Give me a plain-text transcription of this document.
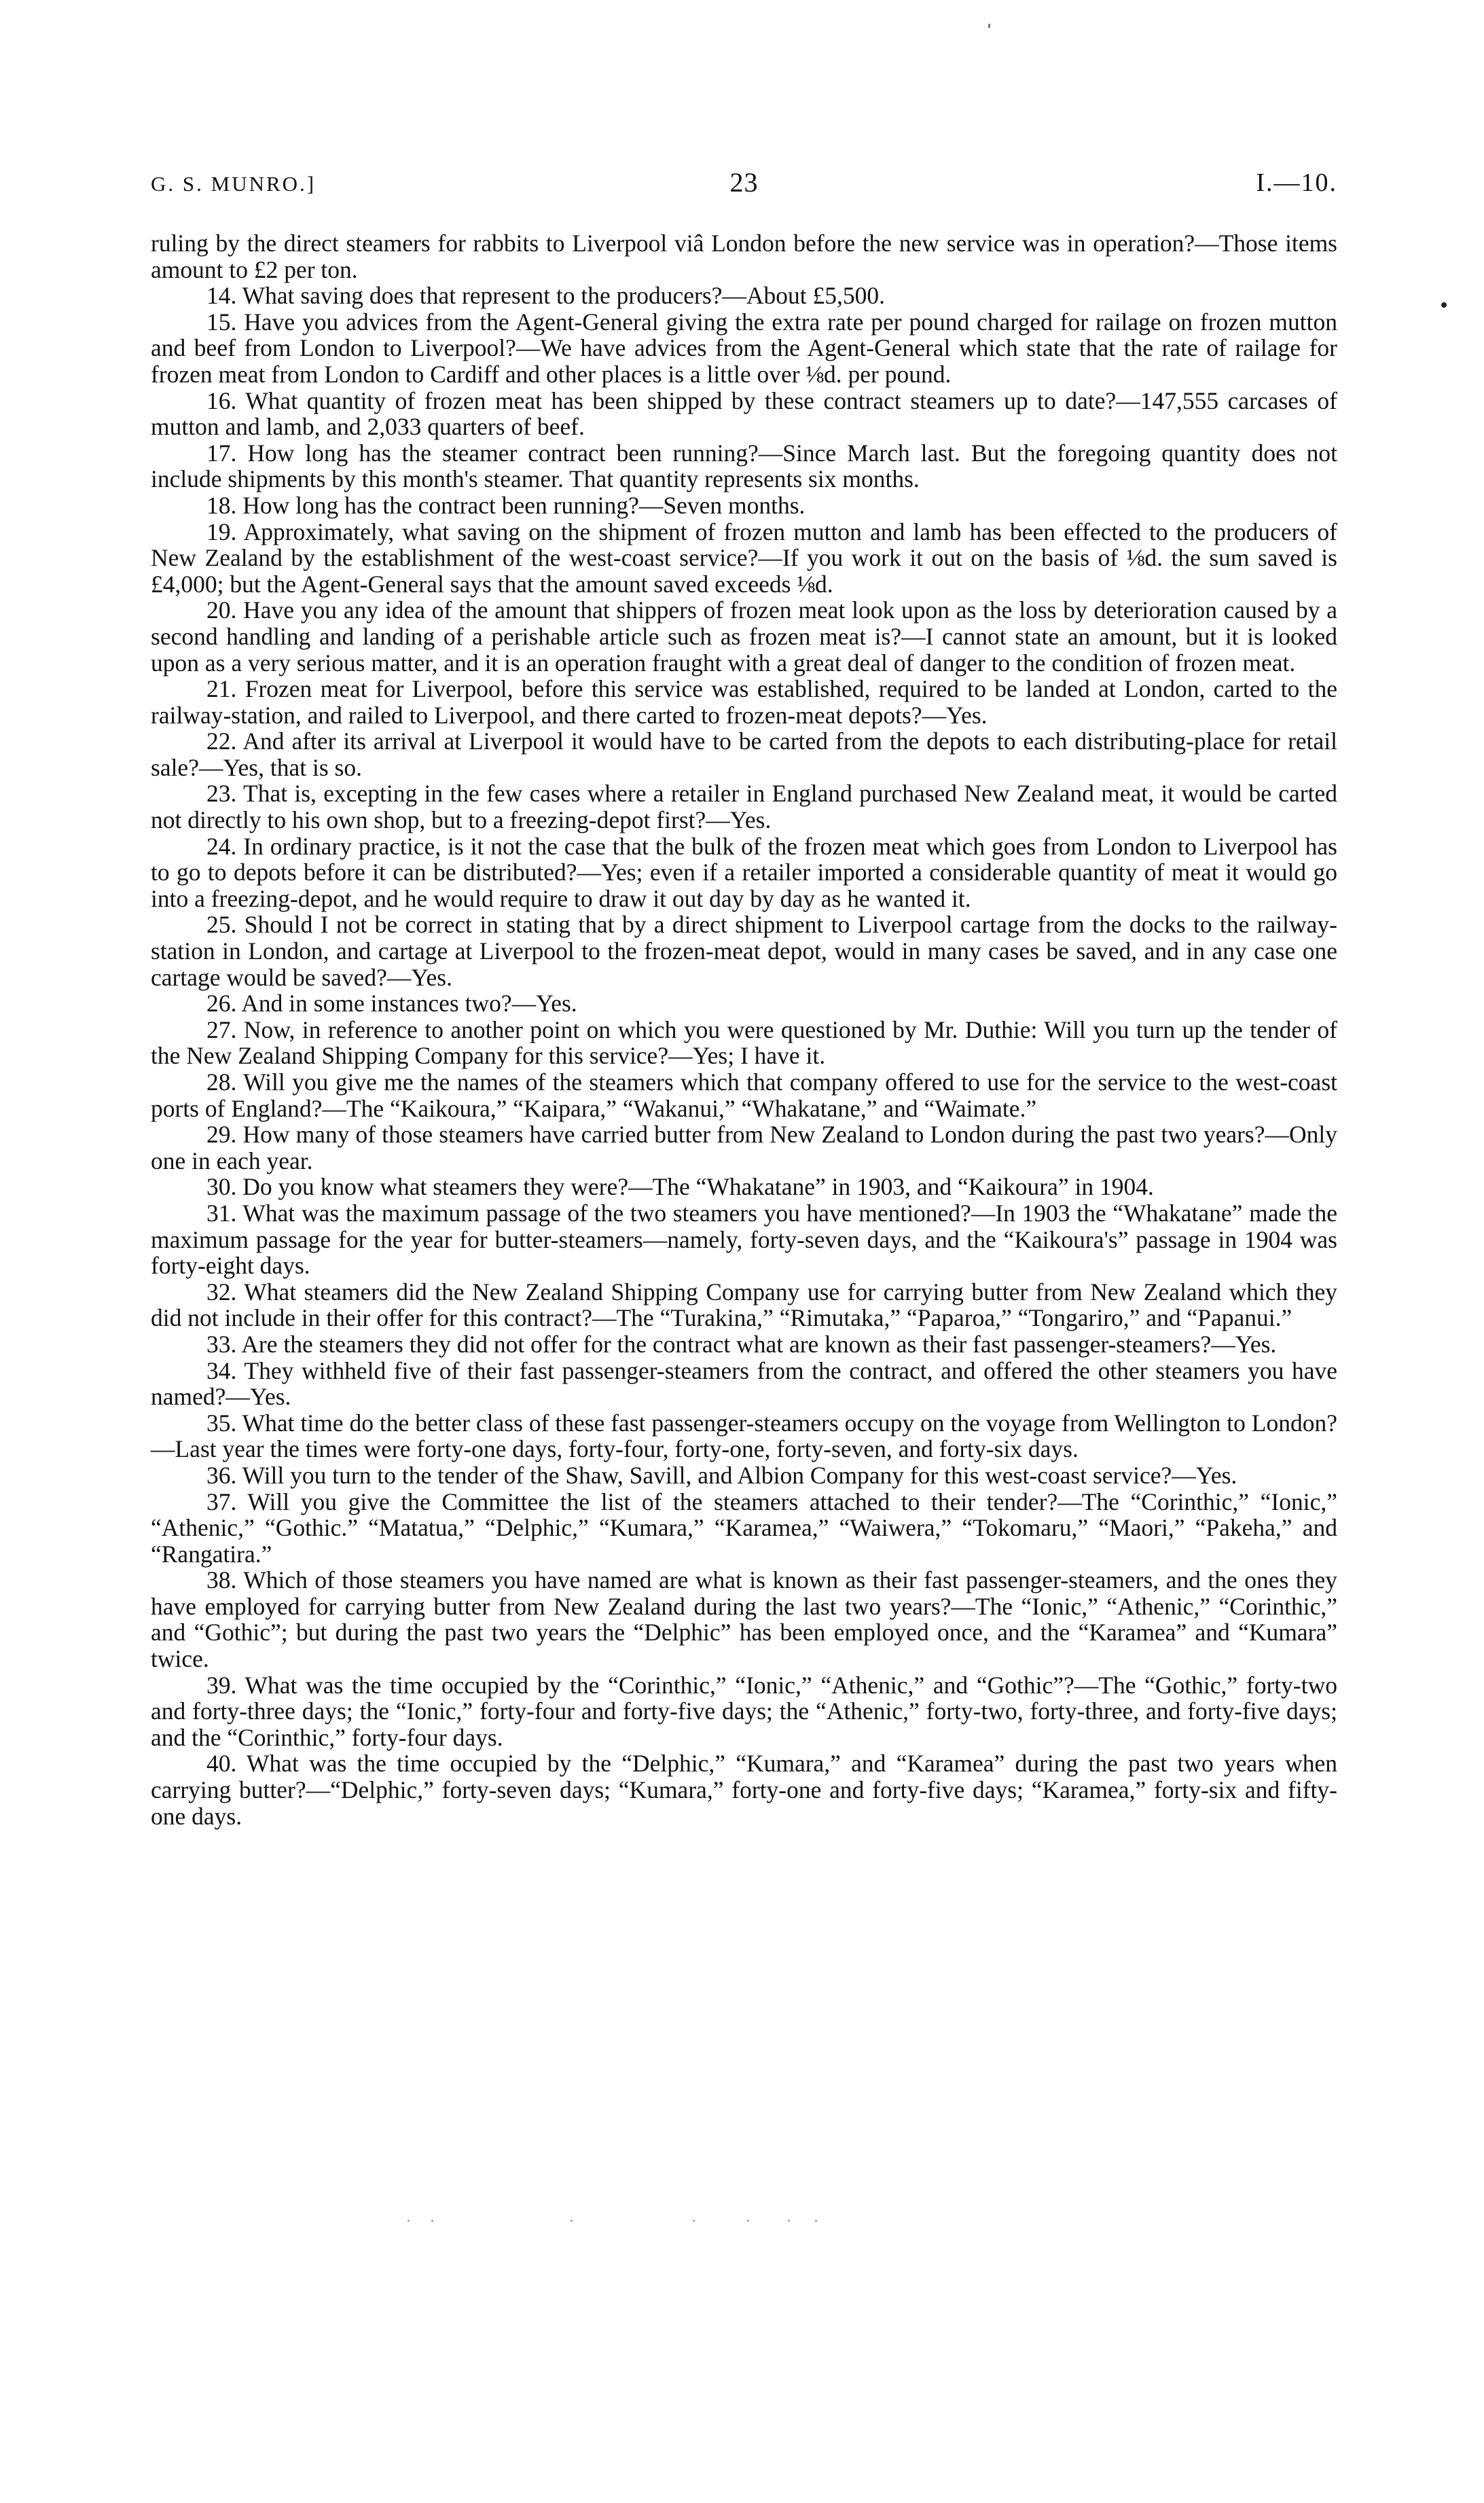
G. S. MUNRO.]	23	I.—10.

ruling by the direct steamers for rabbits to Liverpool viâ London before the new service was in operation?—Those items amount to £2 per ton.

14. What saving does that represent to the producers?—About £5,500.

15. Have you advices from the Agent-General giving the extra rate per pound charged for railage on frozen mutton and beef from London to Liverpool?—We have advices from the Agent-General which state that the rate of railage for frozen meat from London to Cardiff and other places is a little over ⅛d. per pound.

16. What quantity of frozen meat has been shipped by these contract steamers up to date?—147,555 carcases of mutton and lamb, and 2,033 quarters of beef.

17. How long has the steamer contract been running?—Since March last. But the foregoing quantity does not include shipments by this month's steamer. That quantity represents six months.

18. How long has the contract been running?—Seven months.

19. Approximately, what saving on the shipment of frozen mutton and lamb has been effected to the producers of New Zealand by the establishment of the west-coast service?—If you work it out on the basis of ⅛d. the sum saved is £4,000; but the Agent-General says that the amount saved exceeds ⅛d.

20. Have you any idea of the amount that shippers of frozen meat look upon as the loss by deterioration caused by a second handling and landing of a perishable article such as frozen meat is?—I cannot state an amount, but it is looked upon as a very serious matter, and it is an operation fraught with a great deal of danger to the condition of frozen meat.

21. Frozen meat for Liverpool, before this service was established, required to be landed at London, carted to the railway-station, and railed to Liverpool, and there carted to frozen-meat depots?—Yes.

22. And after its arrival at Liverpool it would have to be carted from the depots to each distributing-place for retail sale?—Yes, that is so.

23. That is, excepting in the few cases where a retailer in England purchased New Zealand meat, it would be carted not directly to his own shop, but to a freezing-depot first?—Yes.

24. In ordinary practice, is it not the case that the bulk of the frozen meat which goes from London to Liverpool has to go to depots before it can be distributed?—Yes; even if a retailer imported a considerable quantity of meat it would go into a freezing-depot, and he would require to draw it out day by day as he wanted it.

25. Should I not be correct in stating that by a direct shipment to Liverpool cartage from the docks to the railway-station in London, and cartage at Liverpool to the frozen-meat depot, would in many cases be saved, and in any case one cartage would be saved?—Yes.

26. And in some instances two?—Yes.

27. Now, in reference to another point on which you were questioned by Mr. Duthie: Will you turn up the tender of the New Zealand Shipping Company for this service?—Yes; I have it.

28. Will you give me the names of the steamers which that company offered to use for the service to the west-coast ports of England?—The “Kaikoura,” “Kaipara,” “Wakanui,” “Whakatane,” and “Waimate.”

29. How many of those steamers have carried butter from New Zealand to London during the past two years?—Only one in each year.

30. Do you know what steamers they were?—The “Whakatane” in 1903, and “Kaikoura” in 1904.

31. What was the maximum passage of the two steamers you have mentioned?—In 1903 the “Whakatane” made the maximum passage for the year for butter-steamers—namely, forty-seven days, and the “Kaikoura's” passage in 1904 was forty-eight days.

32. What steamers did the New Zealand Shipping Company use for carrying butter from New Zealand which they did not include in their offer for this contract?—The “Turakina,” “Rimutaka,” “Paparoa,” “Tongariro,” and “Papanui.”

33. Are the steamers they did not offer for the contract what are known as their fast passenger-steamers?—Yes.

34. They withheld five of their fast passenger-steamers from the contract, and offered the other steamers you have named?—Yes.

35. What time do the better class of these fast passenger-steamers occupy on the voyage from Wellington to London?—Last year the times were forty-one days, forty-four, forty-one, forty-seven, and forty-six days.

36. Will you turn to the tender of the Shaw, Savill, and Albion Company for this west-coast service?—Yes.

37. Will you give the Committee the list of the steamers attached to their tender?—The “Corinthic,” “Ionic,” “Athenic,” “Gothic.” “Matatua,” “Delphic,” “Kumara,” “Karamea,” “Waiwera,” “Tokomaru,” “Maori,” “Pakeha,” and “Rangatira.”

38. Which of those steamers you have named are what is known as their fast passenger-steamers, and the ones they have employed for carrying butter from New Zealand during the last two years?—The “Ionic,” “Athenic,” “Corinthic,” and “Gothic”; but during the past two years the “Delphic” has been employed once, and the “Karamea” and “Kumara” twice.

39. What was the time occupied by the “Corinthic,” “Ionic,” “Athenic,” and “Gothic”?—The “Gothic,” forty-two and forty-three days; the “Ionic,” forty-four and forty-five days; the “Athenic,” forty-two, forty-three, and forty-five days; and the “Corinthic,” forty-four days.

40. What was the time occupied by the “Delphic,” “Kumara,” and “Karamea” during the past two years when carrying butter?—“Delphic,” forty-seven days; “Kumara,” forty-one and forty-five days; “Karamea,” forty-six and fifty-one days.
